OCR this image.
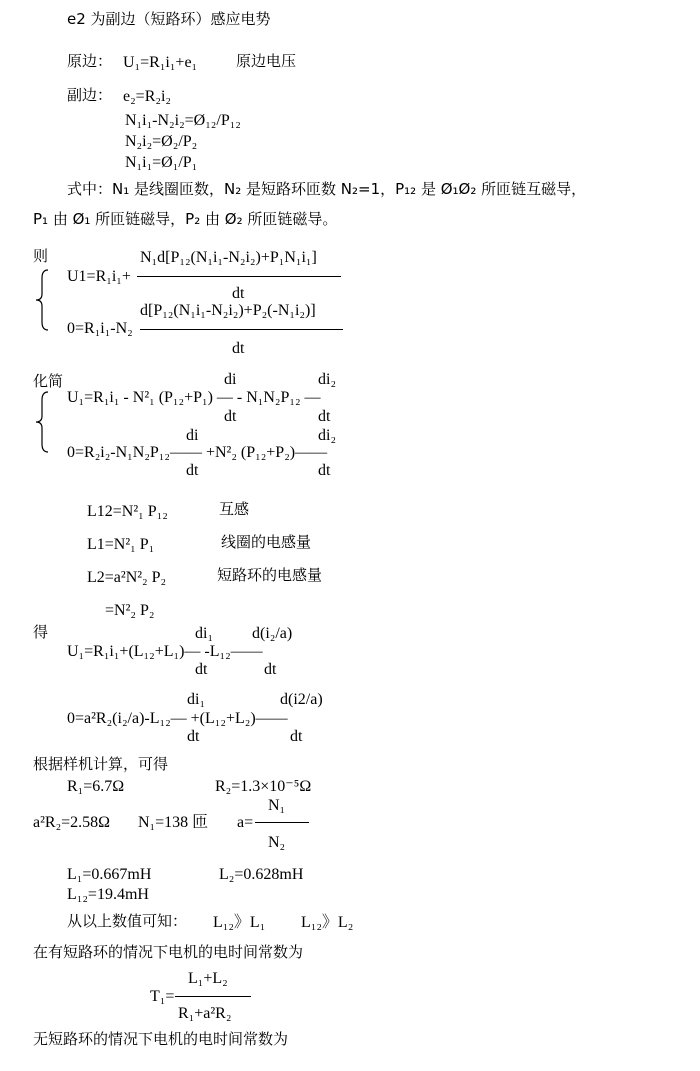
e2 为副边（短路环）感应电势
原边： U₁=R₁i₁+e₁	原边电压
副边： e₂=R₂i₂
N₁i₁-N₂i₂=Ø₁₂/P₁₂
N₂i₂=Ø₂/P₂
N₁i₁=Ø₁/P₁
式中：N₁ 是线圈匝数，N₂ 是短路环匝数 N₂=1，P₁₂ 是 Ø₁Ø₂ 所匝链互磁导，
P₁ 由 Ø₁ 所匝链磁导，P₂ 由 Ø₂ 所匝链磁导。
则	N₁d[P₁₂(N₁i₁-N₂i₂)+P₁N₁i₁]
U1=R₁i₁+
dt
d[P₁₂(N₁i₁-N₂i₂)+P₂(-N₁i₂)]
0=R₁i₁-N₂
dt
化简	di	di₂
U₁=R₁i₁ - N²₁ (P₁₂+P₁) — - N₁N₂P₁₂ —
dt	dt
di	di₂
0=R₂i₂-N₁N₂P₁₂—— +N²₂ (P₁₂+P₂)——
dt	dt
L12=N²₁ P₁₂	互感
L1=N²₁ P₁	线圈的电感量
L2=a²N²₂ P₂	短路环的电感量
=N²₂ P₂
得	di₁ d(i₂/a)
U₁=R₁i₁+(L₁₂+L₁)— -L₁₂——
dt	dt
di₁	d(i2/a)
0=a²R₂(i₂/a)-L₁₂— +(L₁₂+L₂)——
dt	dt
根据样机计算，可得
R₁=6.7Ω	R₂=1.3×10⁻⁵Ω
N₁
a²R₂=2.58Ω N₁=138 匝 a=
N₂
L₁=0.667mH	L₂=0.628mH
L₁₂=19.4mH
从以上数值可知： L₁₂》L₁ L₁₂》L₂
在有短路环的情况下电机的电时间常数为
L₁+L₂
T₁=
R₁+a²R₂
无短路环的情况下电机的电时间常数为
